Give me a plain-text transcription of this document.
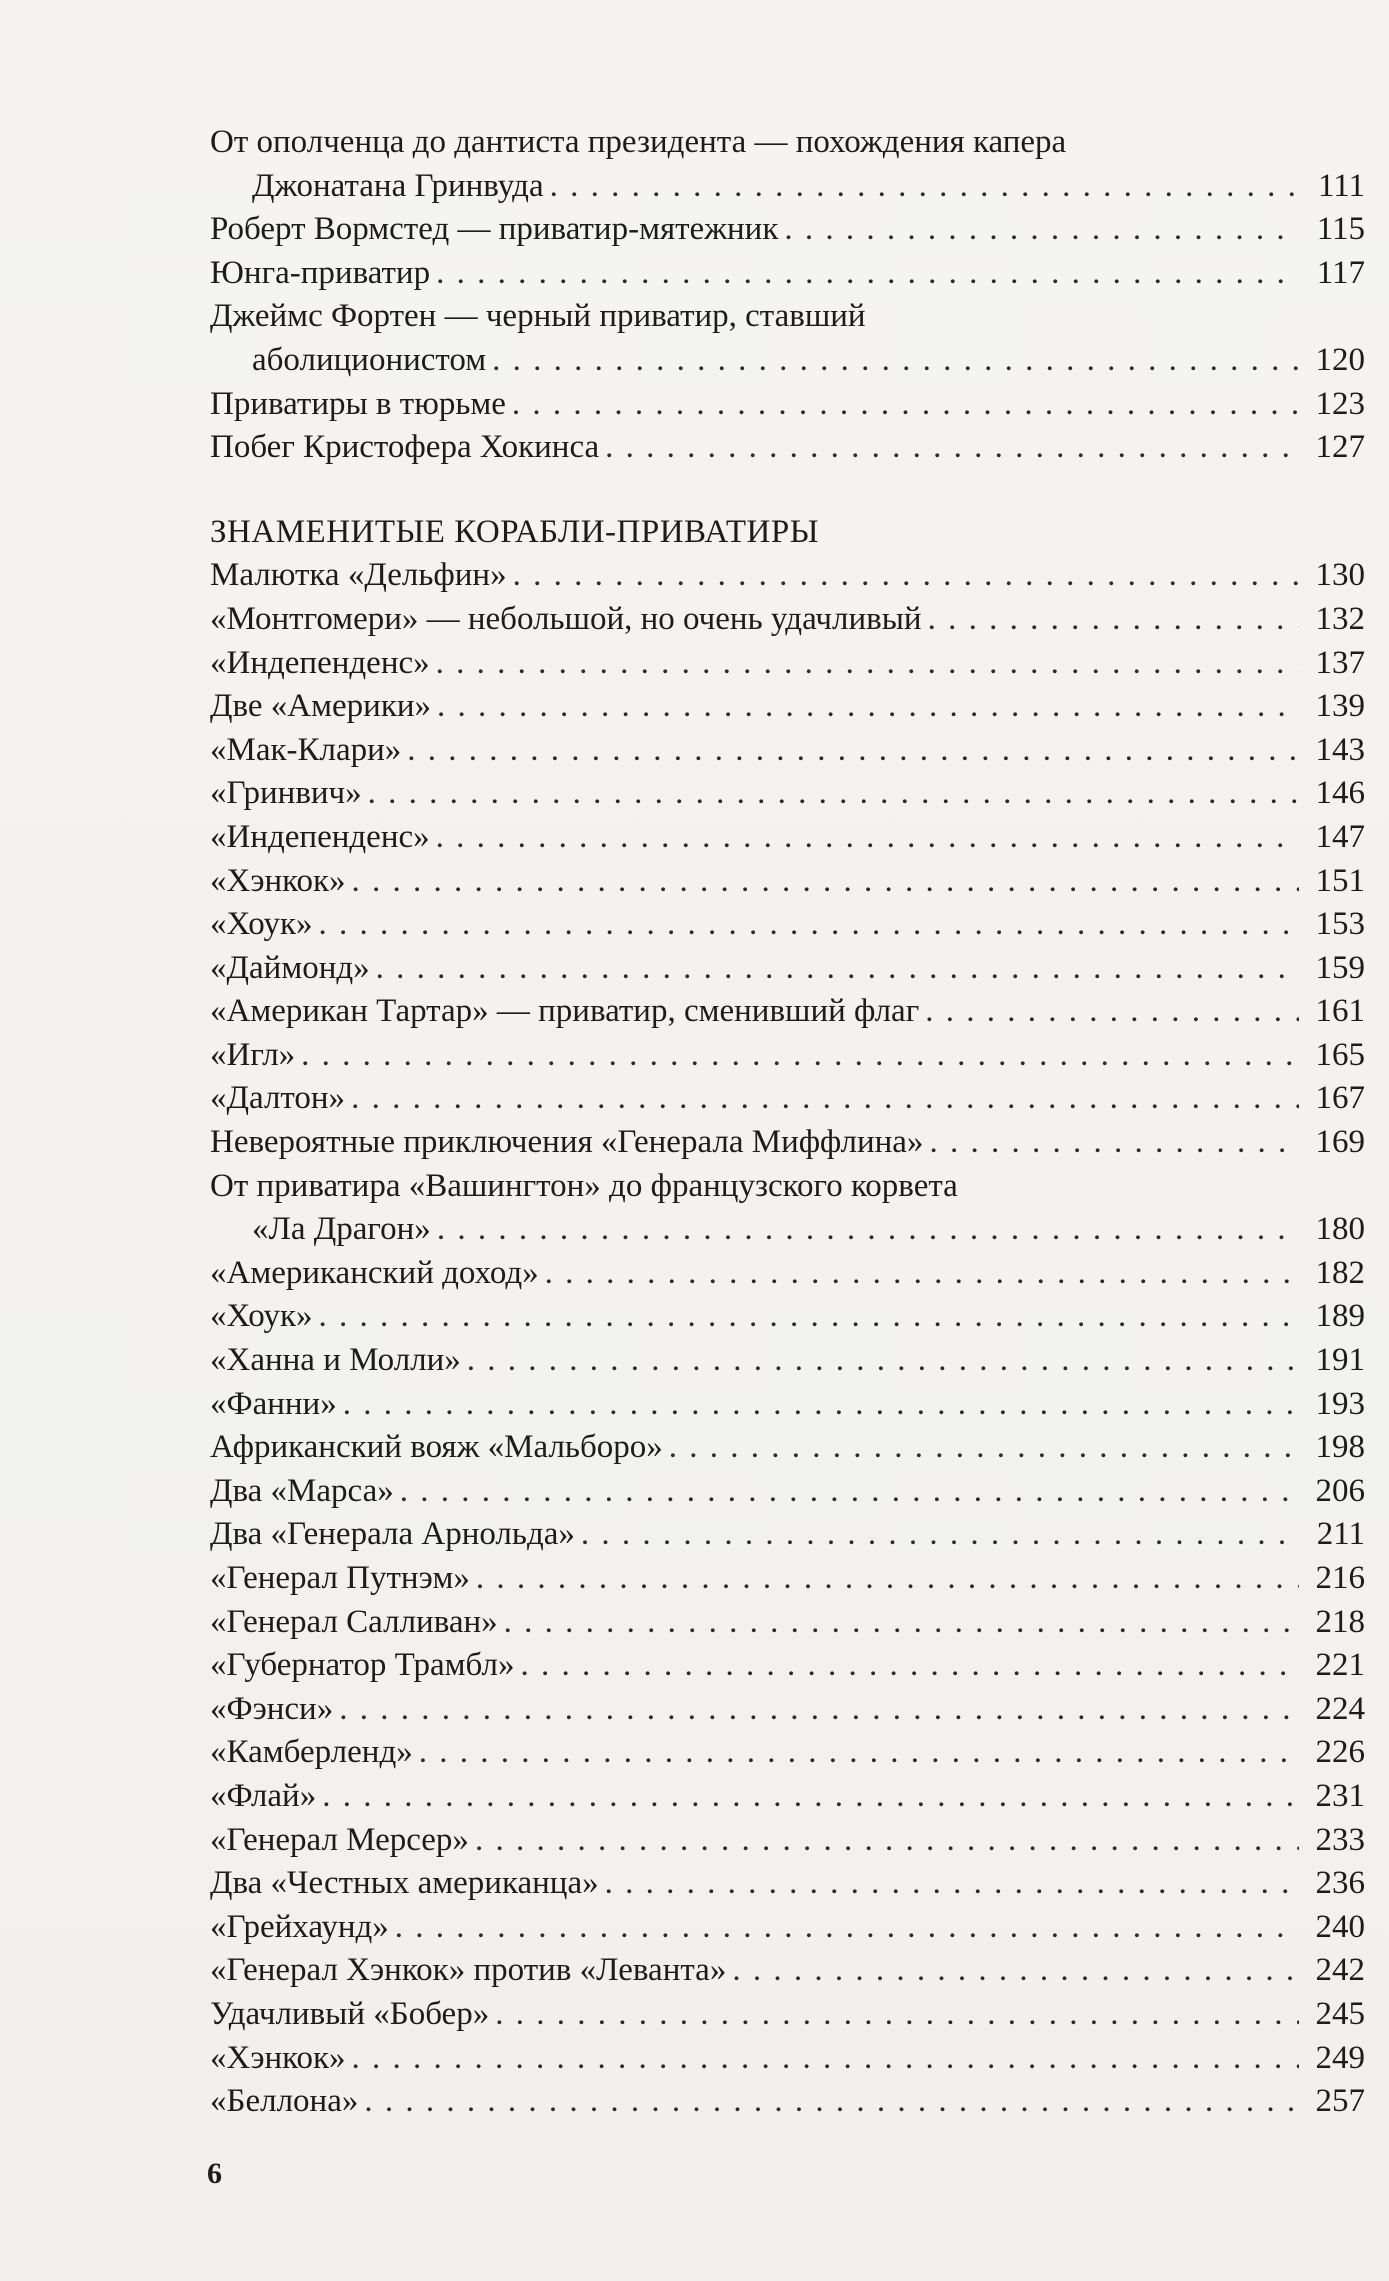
От ополченца до дантиста президента — похождения капера
Джонатана Гринвуда . . .	111
Роберт Вормстед — приватир-мятежник . . .	115
Юнга-приватир . . .	117
Джеймс Фортен — черный приватир, ставший
аболиционистом . . .	120
Приватиры в тюрьме . . .	123
Побег Кристофера Хокинса . . .	127
ЗНАМЕНИТЫЕ КОРАБЛИ-ПРИВАТИРЫ
Малютка «Дельфин» . . .	130
«Монтгомери» — небольшой, но очень удачливый . . .	132
«Индепенденс» . . .	137
Две «Америки» . . .	139
«Мак-Клари» . . .	143
«Гринвич» . . .	146
«Индепенденс» . . .	147
«Хэнкок» . . .	151
«Хоук» . . .	153
«Даймонд» . . .	159
«Американ Тартар» — приватир, сменивший флаг . . .	161
«Игл» . . .	165
«Далтон» . . .	167
Невероятные приключения «Генерала Миффлина» . . .	169
От приватира «Вашингтон» до французского корвета
«Ла Драгон» . . .	180
«Американский доход» . . .	182
«Хоук» . . .	189
«Ханна и Молли» . . .	191
«Фанни» . . .	193
Африканский вояж «Мальборо» . . .	198
Два «Марса» . . .	206
Два «Генерала Арнольда» . . .	211
«Генерал Путнэм» . . .	216
«Генерал Салливан» . . .	218
«Губернатор Трамбл» . . .	221
«Фэнси» . . .	224
«Камберленд» . . .	226
«Флай» . . .	231
«Генерал Мерсер» . . .	233
Два «Честных американца» . . .	236
«Грейхаунд» . . .	240
«Генерал Хэнкок» против «Леванта» . . .	242
Удачливый «Бобер» . . .	245
«Хэнкок» . . .	249
«Беллона» . . .	257
6
